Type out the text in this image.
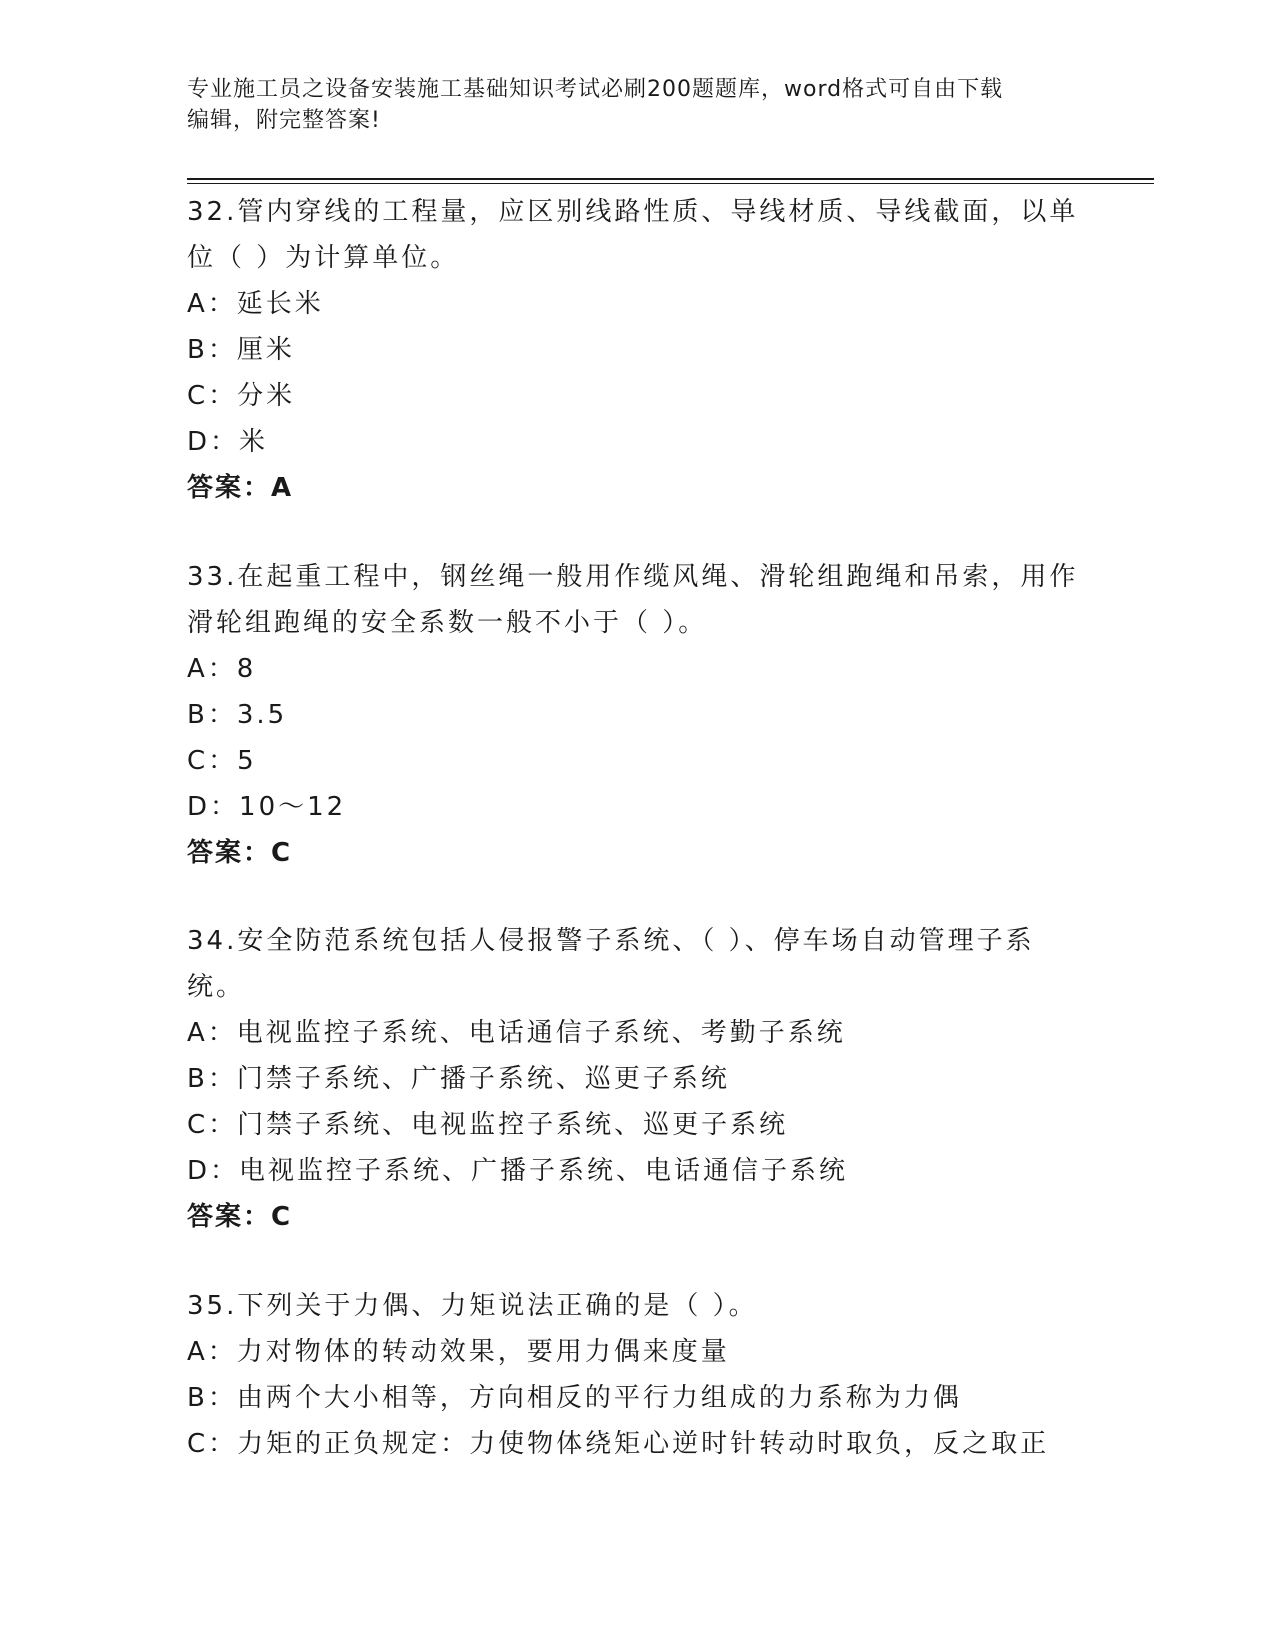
专业施工员之设备安装施工基础知识考试必刷200题题库，word格式可自由下载
编辑，附完整答案!
32.管内穿线的工程量，应区别线路性质、导线材质、导线截面，以单
位（ ）为计算单位。
A：延长米
B：厘米
C：分米
D：米
答案：A
33.在起重工程中，钢丝绳一般用作缆风绳、滑轮组跑绳和吊索，用作
滑轮组跑绳的安全系数一般不小于（ ）。
A：8
B：3.5
C：5
D：10～12
答案：C
34.安全防范系统包括人侵报警子系统、（ ）、停车场自动管理子系
统。
A：电视监控子系统、电话通信子系统、考勤子系统
B：门禁子系统、广播子系统、巡更子系统
C：门禁子系统、电视监控子系统、巡更子系统
D：电视监控子系统、广播子系统、电话通信子系统
答案：C
35.下列关于力偶、力矩说法正确的是（ ）。
A：力对物体的转动效果，要用力偶来度量
B：由两个大小相等，方向相反的平行力组成的力系称为力偶
C：力矩的正负规定：力使物体绕矩心逆时针转动时取负，反之取正
